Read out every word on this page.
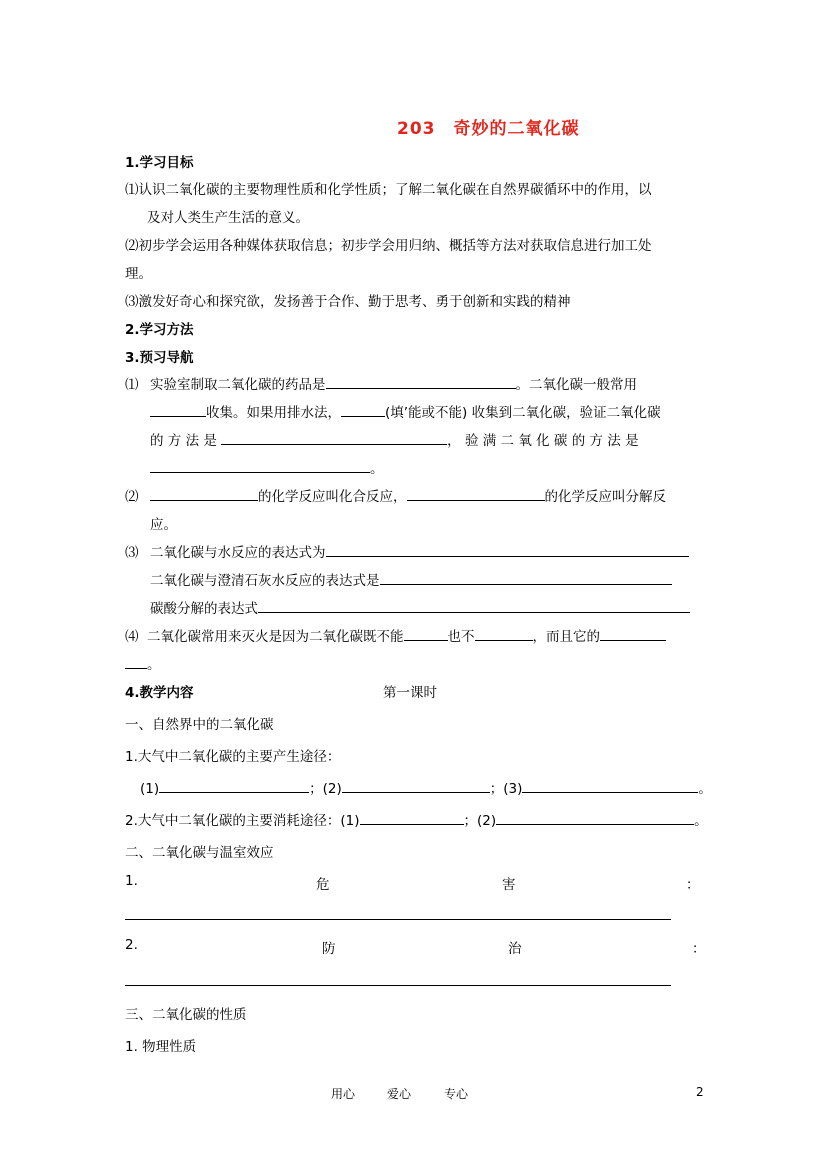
203　奇妙的二氧化碳
1.学习目标
⑴认识二氧化碳的主要物理性质和化学性质；了解二氧化碳在自然界碳循环中的作用，以
及对人类生产生活的意义。
⑵初步学会运用各种媒体获取信息；初步学会用归纳、概括等方法对获取信息进行加工处
理。
⑶激发好奇心和探究欲，发扬善于合作、勤于思考、勇于创新和实践的精神
2.学习方法
3.预习导航
⑴ 实验室制取二氧化碳的药品是	。二氧化碳一般常用
收集。如果用排水法，	(填’能或不能) 收集到二氧化碳，验证二氧化碳
的 方 法 是	， 验 满 二 氧 化 碳 的 方 法 是
。
⑵	的化学反应叫化合反应，	的化学反应叫分解反
应。
⑶ 二氧化碳与水反应的表达式为
二氧化碳与澄清石灰水反应的表达式是
碳酸分解的表达式
⑷ 二氧化碳常用来灭火是因为二氧化碳既不能	也不	，而且它的
。
4.教学内容	第一课时
一、自然界中的二氧化碳
1.大气中二氧化碳的主要产生途径：
(1)	；(2)	；(3)	。
2.大气中二氧化碳的主要消耗途径：(1)	；(2)	。
二、二氧化碳与温室效应
1.	危	害	：
2.	防	治	：
三、二氧化碳的性质
1. 物理性质
用心	爱心	专心	2
